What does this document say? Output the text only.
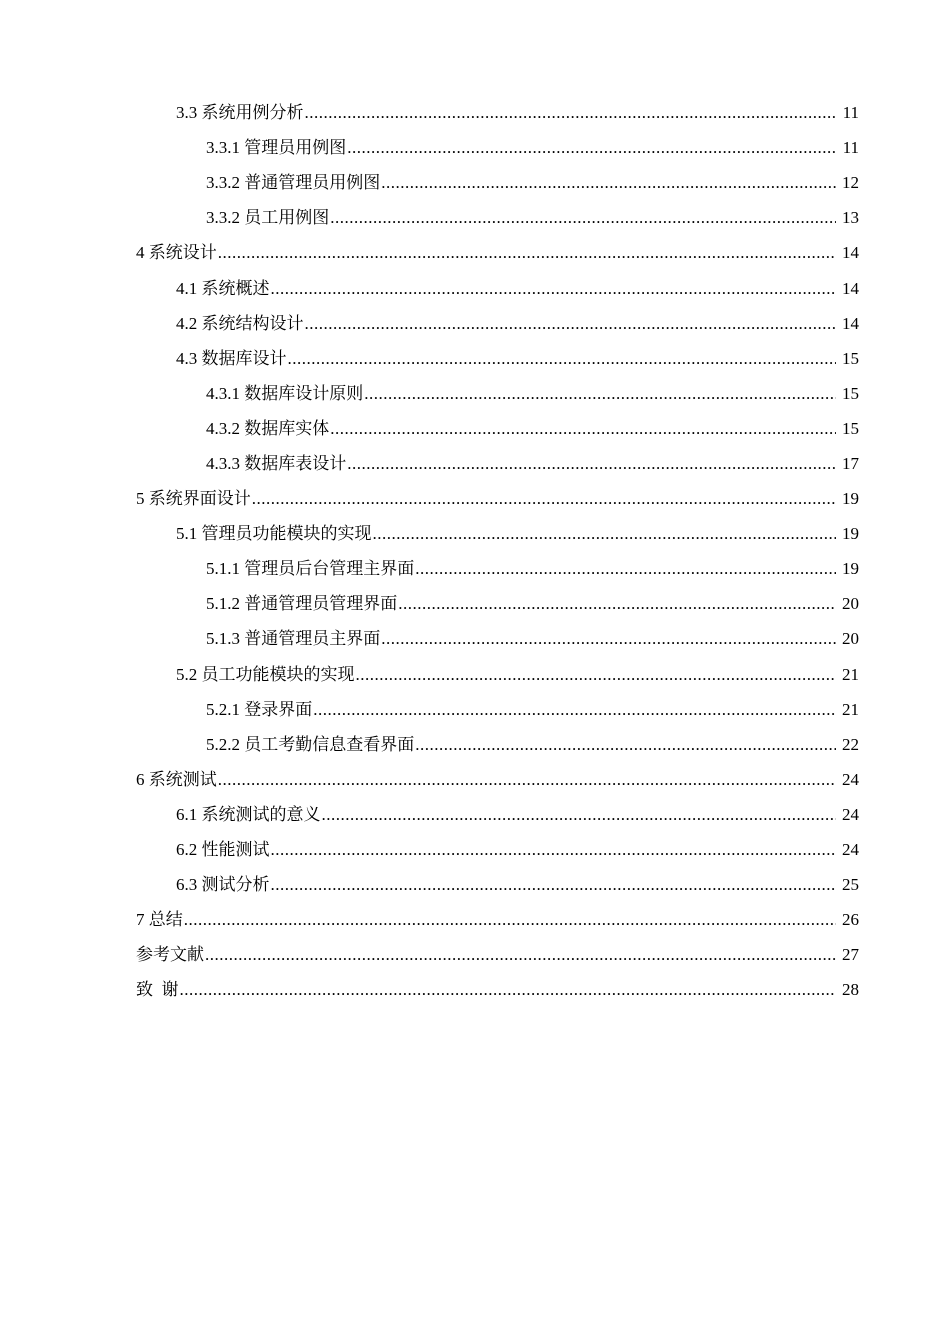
3.3 系统用例分析 .....	11
3.3.1 管理员用例图 .....	11
3.3.2 普通管理员用例图 .....	12
3.3.2 员工用例图 .....	13
4 系统设计 .....	14
4.1 系统概述 .....	14
4.2 系统结构设计 .....	14
4.3 数据库设计 .....	15
4.3.1 数据库设计原则 .....	15
4.3.2 数据库实体 .....	15
4.3.3 数据库表设计 .....	17
5 系统界面设计 .....	19
5.1 管理员功能模块的实现 .....	19
5.1.1 管理员后台管理主界面 .....	19
5.1.2 普通管理员管理界面 .....	20
5.1.3 普通管理员主界面 .....	20
5.2 员工功能模块的实现 .....	21
5.2.1 登录界面 .....	21
5.2.2 员工考勤信息查看界面 .....	22
6 系统测试 .....	24
6.1 系统测试的意义 .....	24
6.2 性能测试 .....	24
6.3 测试分析 .....	25
7 总结 .....	26
参考文献 .....	27
致  谢 .....	28
